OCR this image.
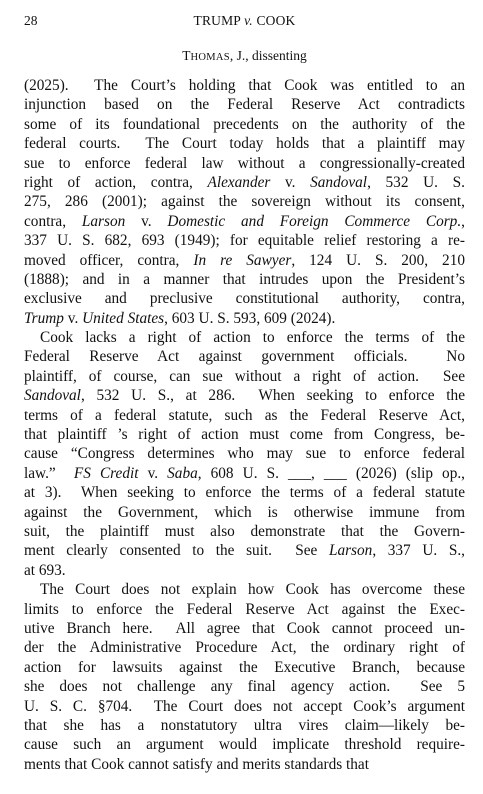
28	TRUMP v. COOK
THOMAS, J., dissenting
(2025).  The Court’s holding that Cook was entitled to an
injunction based on the Federal Reserve Act contradicts
some of its foundational precedents on the authority of the
federal courts.  The Court today holds that a plaintiff may
sue to enforce federal law without a congressionally-created
right of action, contra, Alexander v. Sandoval, 532 U. S.
275, 286 (2001); against the sovereign without its consent,
contra, Larson v. Domestic and Foreign Commerce Corp.,
337 U. S. 682, 693 (1949); for equitable relief restoring a re-
moved officer, contra, In re Sawyer, 124 U. S. 200, 210
(1888); and in a manner that intrudes upon the President’s
exclusive and preclusive constitutional authority, contra,
Trump v. United States, 603 U. S. 593, 609 (2024).
Cook lacks a right of action to enforce the terms of the
Federal Reserve Act against government officials.  No
plaintiff, of course, can sue without a right of action.  See
Sandoval, 532 U. S., at 286.  When seeking to enforce the
terms of a federal statute, such as the Federal Reserve Act,
that plaintiff ’s right of action must come from Congress, be-
cause “Congress determines who may sue to enforce federal
law.”  FS Credit v. Saba, 608 U. S. ___, ___ (2026) (slip op.,
at 3).  When seeking to enforce the terms of a federal statute
against the Government, which is otherwise immune from
suit, the plaintiff must also demonstrate that the Govern-
ment clearly consented to the suit.  See Larson, 337 U. S.,
at 693.
The Court does not explain how Cook has overcome these
limits to enforce the Federal Reserve Act against the Exec-
utive Branch here.  All agree that Cook cannot proceed un-
der the Administrative Procedure Act, the ordinary right of
action for lawsuits against the Executive Branch, because
she does not challenge any final agency action.  See 5
U. S. C. §704.  The Court does not accept Cook’s argument
that she has a nonstatutory ultra vires claim—likely be-
cause such an argument would implicate threshold require-
ments that Cook cannot satisfy and merits standards that
